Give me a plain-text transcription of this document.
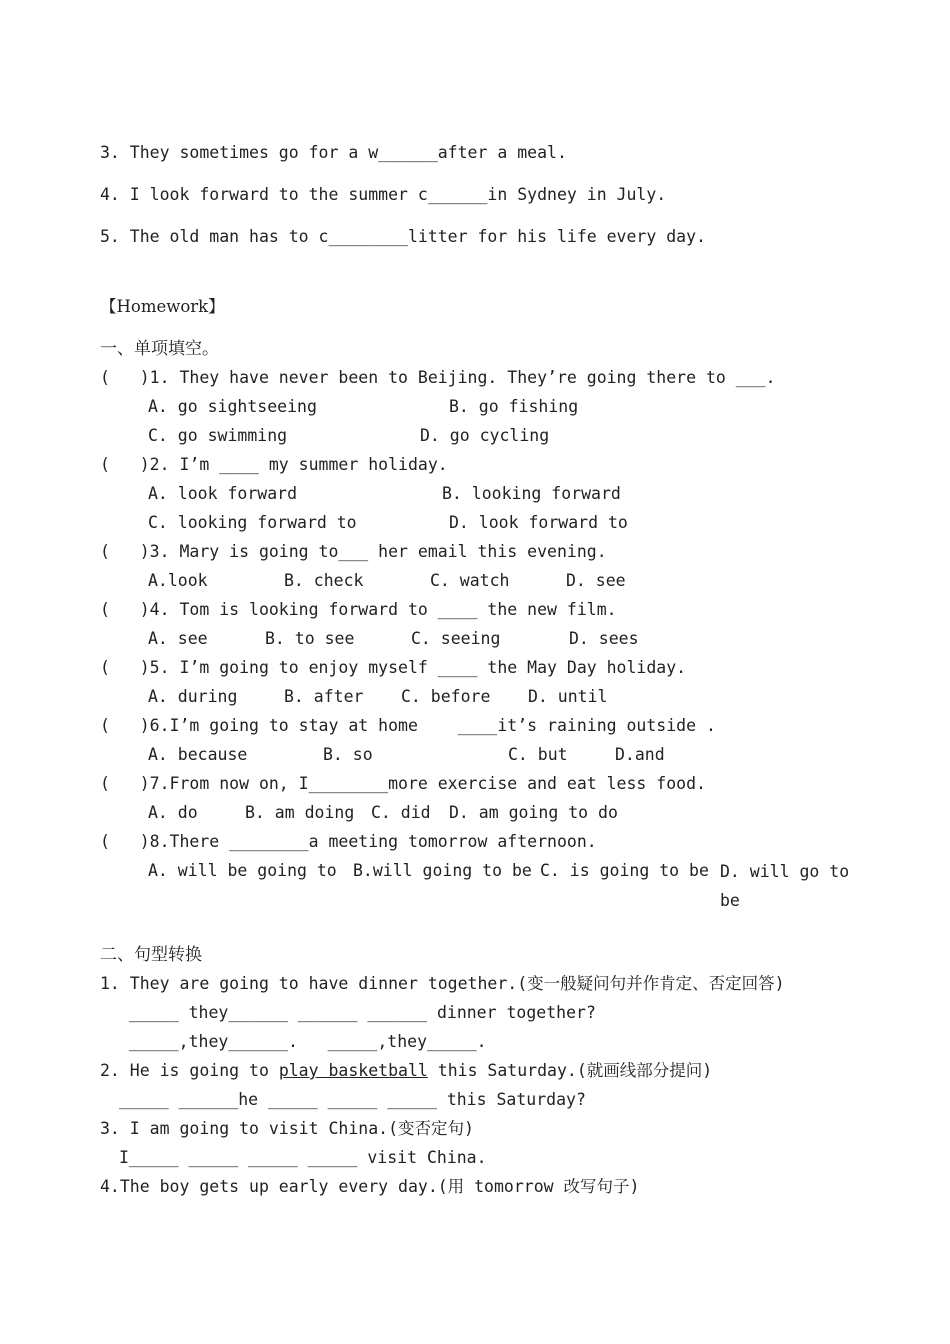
3. They sometimes go for a w______after a meal.
4. I look forward to the summer c______in Sydney in July.
5. The old man has to c________litter for his life every day.
【Homework】
一、单项填空。
(   )1. They have never been to Beijing. They’re going there to ___.
A. go sightseeing	B. go fishing
C. go swimming	D. go cycling
(   )2. I’m ____ my summer holiday.
A. look forward	B. looking forward
C. looking forward to	D. look forward to
(   )3. Mary is going to___ her email this evening.
A.look	B. check	C. watch	D. see
(   )4. Tom is looking forward to ____ the new film.
A. see	B. to see	C. seeing	D. sees
(   )5. I’m going to enjoy myself ____ the May Day holiday.
A. during	B. after C. before D. until
(   )6.I’m going to stay at home    ____it’s raining outside .
A. because	B. so	C. but	D.and
(   )7.From now on, I________more exercise and eat less food.
A. do	B. am doing C. did D. am going to do
(   )8.There ________a meeting tomorrow afternoon.
A. will be going to B.will going to be C. is going to be D. will go to be
二、句型转换
1. They are going to have dinner together.(变一般疑问句并作肯定、否定回答)
_____ they______ ______ ______ dinner together?
_____,they______.   _____,they_____.
2. He is going to play basketball this Saturday.(就画线部分提问)
_____ ______he _____ _____ _____ this Saturday?
3. I am going to visit China.(变否定句)
I_____ _____ _____ _____ visit China.
4.The boy gets up early every day.(用 tomorrow 改写句子)
